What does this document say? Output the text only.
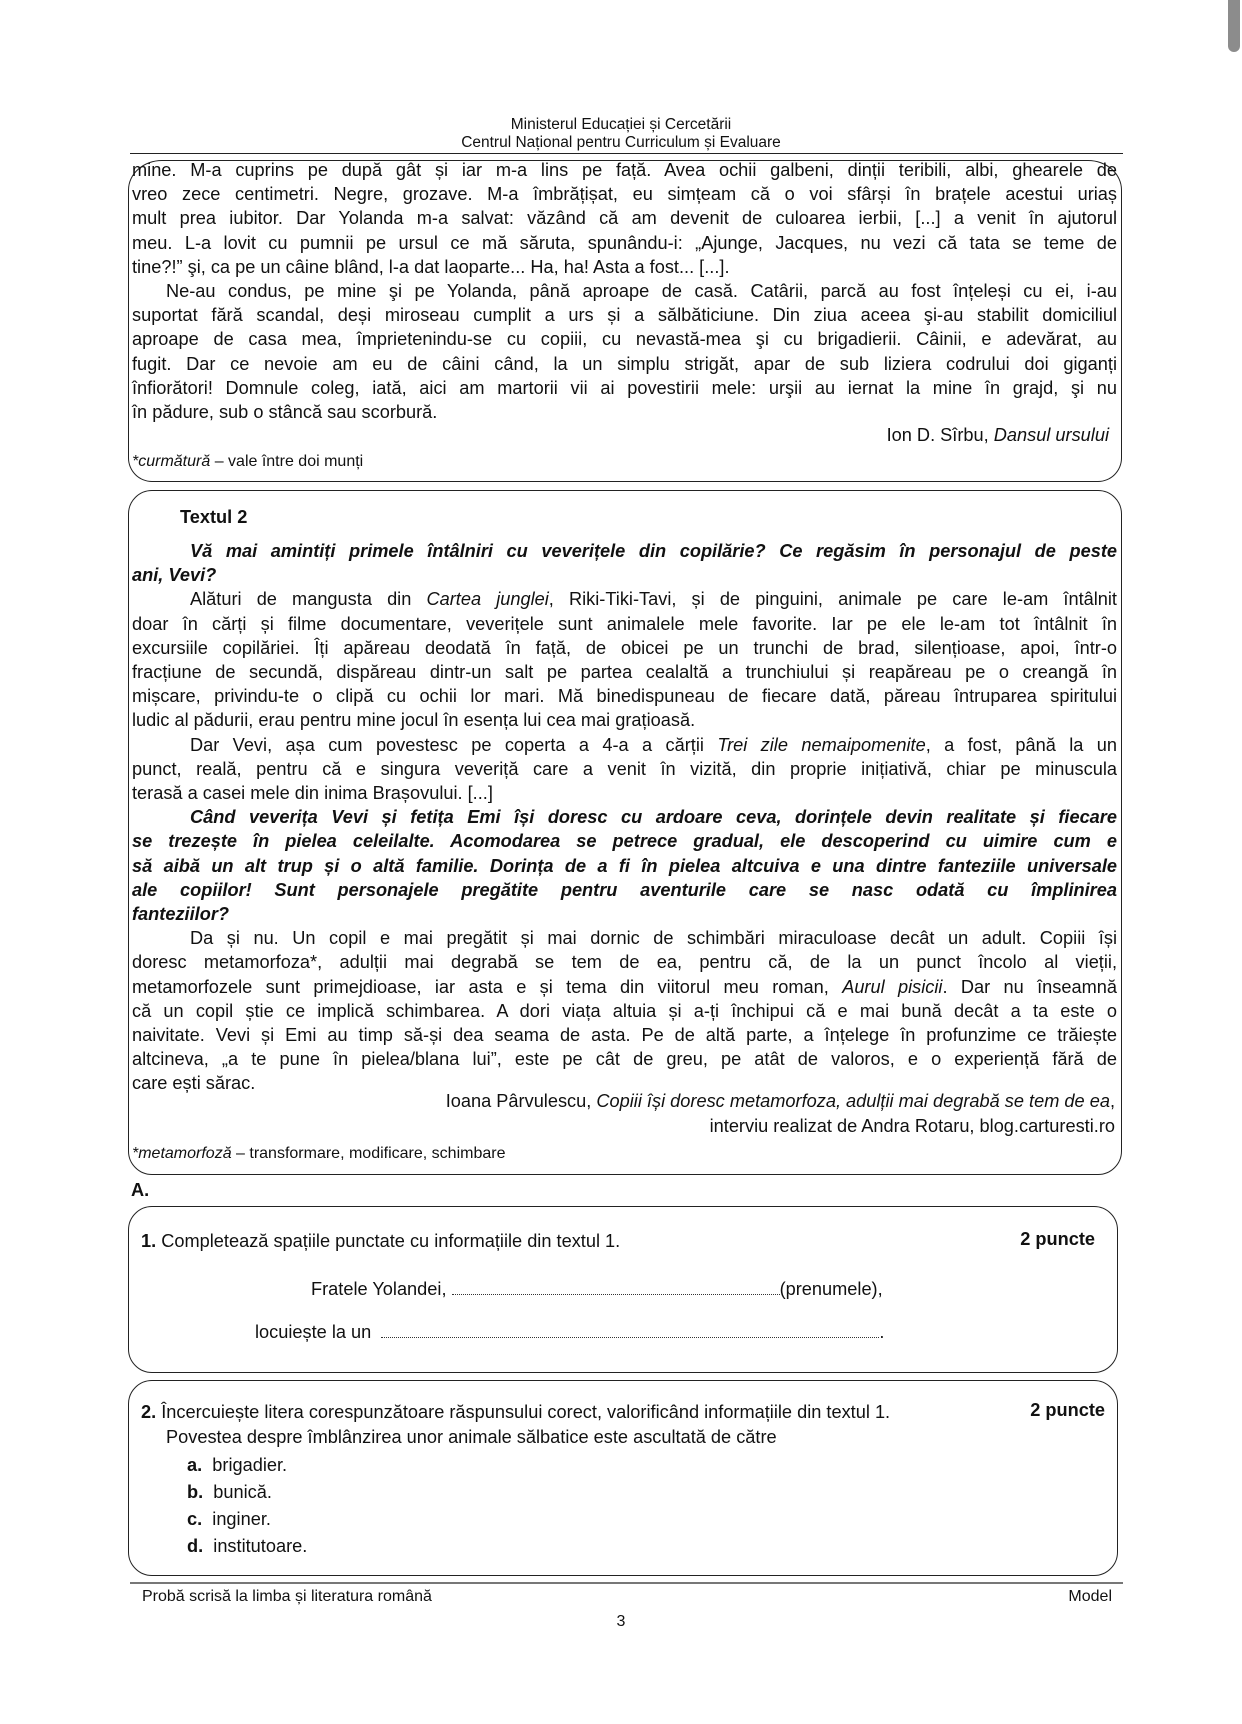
Ministerul Educației și Cercetării
Centrul Național pentru Curriculum și Evaluare
mine. M-a cuprins pe după gât și iar m-a lins pe față. Avea ochii galbeni, dinții teribili, albi, ghearele de
vreo zece centimetri. Negre, grozave. M-a îmbrățișat, eu simțeam că o voi sfârși în brațele acestui uriaș
mult prea iubitor. Dar Yolanda m-a salvat: văzând că am devenit de culoarea ierbii, [...] a venit în ajutorul
meu. L-a lovit cu pumnii pe ursul ce mă săruta, spunându-i: „Ajunge, Jacques, nu vezi că tata se teme de
tine?!” şi, ca pe un câine blând, l-a dat laoparte... Ha, ha! Asta a fost... [...].
Ne-au condus, pe mine şi pe Yolanda, până aproape de casă. Catârii, parcă au fost înțeleși cu ei, i-au
suportat fără scandal, deși miroseau cumplit a urs și a sălbăticiune. Din ziua aceea şi-au stabilit domiciliul
aproape de casa mea, împrietenindu-se cu copiii, cu nevastă-mea şi cu brigadierii. Câinii, e adevărat, au
fugit. Dar ce nevoie am eu de câini când, la un simplu strigăt, apar de sub liziera codrului doi giganți
înfiorători! Domnule coleg, iată, aici am martorii vii ai povestirii mele: urşii au iernat la mine în grajd, şi nu
în pădure, sub o stâncă sau scorbură.
Ion D. Sîrbu, Dansul ursului
*curmătură – vale între doi munți
Textul 2
Vă mai amintiți primele întâlniri cu veverițele din copilărie? Ce regăsim în personajul de peste
ani, Vevi?
Alături de mangusta din Cartea junglei, Riki-Tiki-Tavi, și de pinguini, animale pe care le-am întâlnit
doar în cărți și filme documentare, veverițele sunt animalele mele favorite. Iar pe ele le-am tot întâlnit în
excursiile copilăriei. Îți apăreau deodată în față, de obicei pe un trunchi de brad, silențioase, apoi, într-o
fracțiune de secundă, dispăreau dintr-un salt pe partea cealaltă a trunchiului și reapăreau pe o creangă în
mișcare, privindu-te o clipă cu ochii lor mari. Mă binedispuneau de fiecare dată, păreau întruparea spiritului
ludic al pădurii, erau pentru mine jocul în esența lui cea mai grațioasă.
Dar Vevi, așa cum povestesc pe coperta a 4-a a cărții Trei zile nemaipomenite, a fost, până la un
punct, reală, pentru că e singura veveriță care a venit în vizită, din proprie inițiativă, chiar pe minuscula
terasă a casei mele din inima Brașovului. [...]
Când veverița Vevi și fetița Emi își doresc cu ardoare ceva, dorințele devin realitate și fiecare
se trezește în pielea celeilalte. Acomodarea se petrece gradual, ele descoperind cu uimire cum e
să aibă un alt trup și o altă familie. Dorința de a fi în pielea altcuiva e una dintre fanteziile universale
ale copiilor! Sunt personajele pregătite pentru aventurile care se nasc odată cu împlinirea
fanteziilor?
Da și nu. Un copil e mai pregătit și mai dornic de schimbări miraculoase decât un adult. Copiii își
doresc metamorfoza*, adulții mai degrabă se tem de ea, pentru că, de la un punct încolo al vieții,
metamorfozele sunt primejdioase, iar asta e și tema din viitorul meu roman, Aurul pisicii. Dar nu înseamnă
că un copil știe ce implică schimbarea. A dori viața altuia și a-ți închipui că e mai bună decât a ta este o
naivitate. Vevi și Emi au timp să-și dea seama de asta. Pe de altă parte, a înțelege în profunzime ce trăiește
altcineva, „a te pune în pielea/blana lui”, este pe cât de greu, pe atât de valoros, e o experiență fără de
care ești sărac.
Ioana Pârvulescu, Copiii își doresc metamorfoza, adulții mai degrabă se tem de ea,
interviu realizat de Andra Rotaru, blog.carturesti.ro
*metamorfoză – transformare, modificare, schimbare
A.
1. Completează spațiile punctate cu informațiile din textul 1.	2 puncte
Fratele Yolandei,	(prenumele),
locuiește la un	.
2. Încercuiește litera corespunzătoare răspunsului corect, valorificând informațiile din textul 1.	2 puncte
Povestea despre îmblânzirea unor animale sălbatice este ascultată de către
a. brigadier.
b. bunică.
c. inginer.
d. institutoare.
Probă scrisă la limba și literatura română	Model
3
